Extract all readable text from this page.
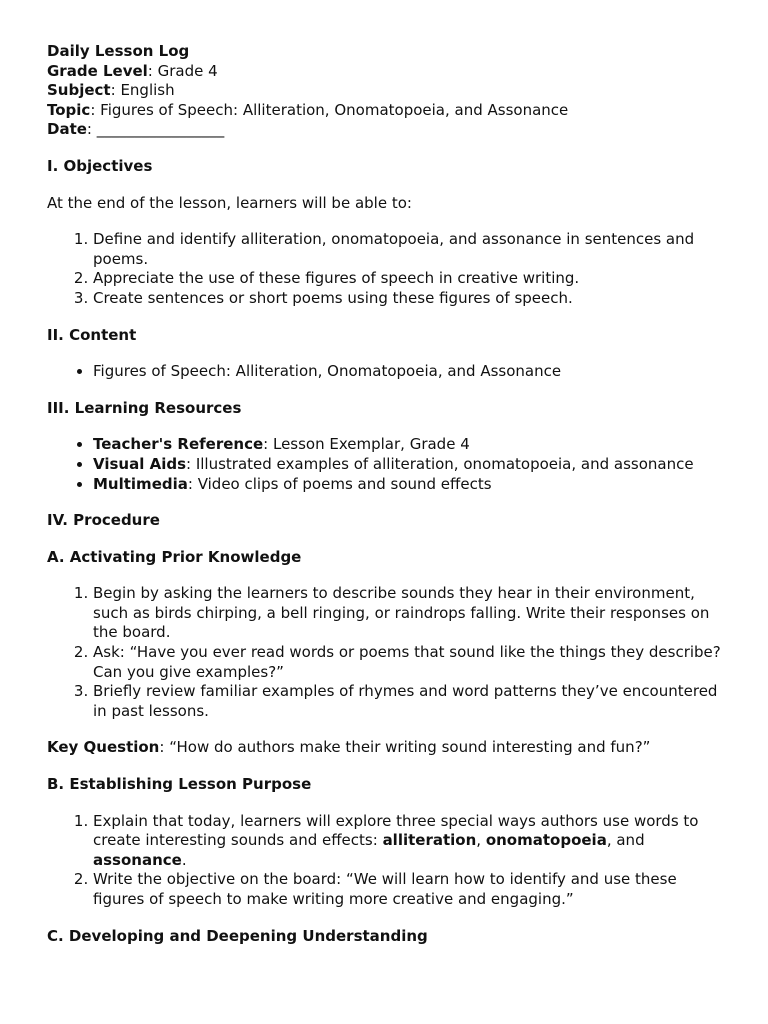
Daily Lesson Log

Grade Level: Grade 4

Subject: English

Topic: Figures of Speech: Alliteration, Onomatopoeia, and Assonance

Date: _________________

I. Objectives

At the end of the lesson, learners will be able to:

1. Define and identify alliteration, onomatopoeia, and assonance in sentences and poems.
2. Appreciate the use of these figures of speech in creative writing.
3. Create sentences or short poems using these figures of speech.

II. Content

• Figures of Speech: Alliteration, Onomatopoeia, and Assonance

III. Learning Resources

• Teacher's Reference: Lesson Exemplar, Grade 4
• Visual Aids: Illustrated examples of alliteration, onomatopoeia, and assonance
• Multimedia: Video clips of poems and sound effects

IV. Procedure

A. Activating Prior Knowledge

1. Begin by asking the learners to describe sounds they hear in their environment, such as birds chirping, a bell ringing, or raindrops falling. Write their responses on the board.
2. Ask: “Have you ever read words or poems that sound like the things they describe? Can you give examples?”
3. Briefly review familiar examples of rhymes and word patterns they’ve encountered in past lessons.

Key Question: “How do authors make their writing sound interesting and fun?”

B. Establishing Lesson Purpose

1. Explain that today, learners will explore three special ways authors use words to create interesting sounds and effects: alliteration, onomatopoeia, and assonance.
2. Write the objective on the board: “We will learn how to identify and use these figures of speech to make writing more creative and engaging.”

C. Developing and Deepening Understanding
